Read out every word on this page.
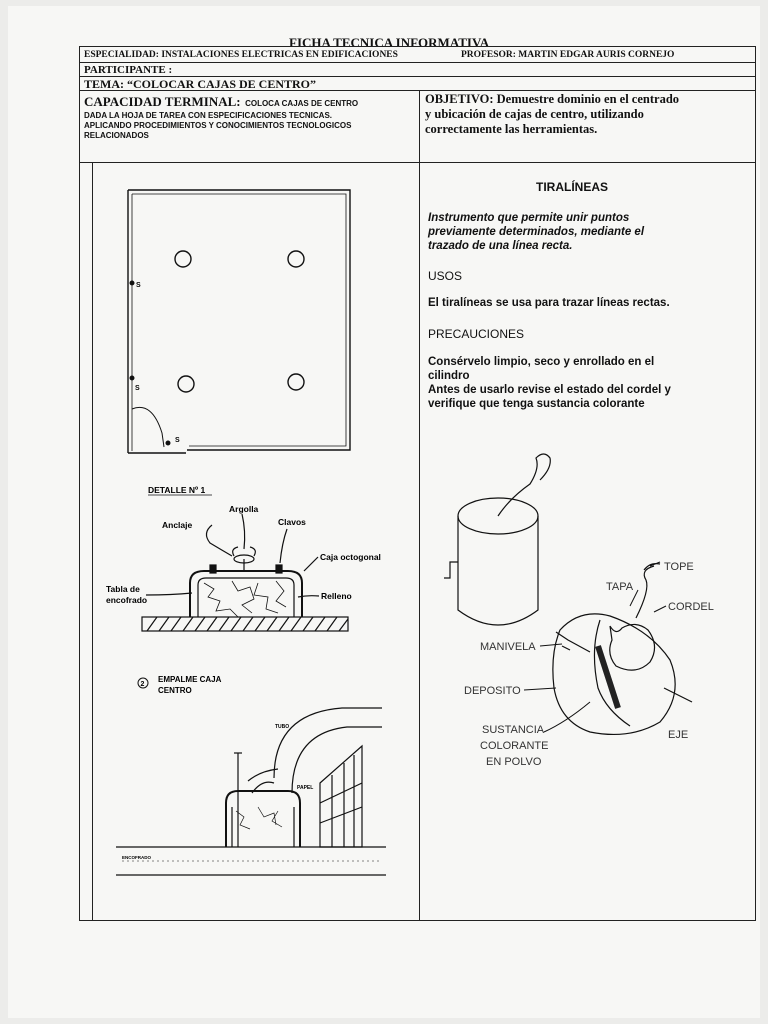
FICHA TECNICA INFORMATIVA
ESPECIALIDAD: INSTALACIONES ELECTRICAS EN EDIFICACIONES	PROFESOR: MARTIN EDGAR AURIS CORNEJO
PARTICIPANTE :
TEMA: “COLOCAR CAJAS DE CENTRO”
CAPACIDAD TERMINAL: COLOCA CAJAS DE CENTRO
DADA LA HOJA DE TAREA CON ESPECIFICACIONES TECNICAS.
APLICANDO PROCEDIMIENTOS Y CONOCIMIENTOS TECNOLOGICOS
RELACIONADOS
OBJETIVO: Demuestre dominio en el centrado
y ubicación de cajas de centro, utilizando
correctamente las herramientas.
S
S
S
DETALLE Nº 1
Argolla
Anclaje	Clavos
Caja octogonal
Tabla de
encofrado	Relleno
2
EMPALME CAJA
CENTRO
TUBO
PAPEL
ENCOFRADO
TIRALÍNEAS
Instrumento que permite unir puntos
previamente determinados, mediante el
trazado de una línea recta.
USOS
El tiralíneas se usa para trazar líneas rectas.
PRECAUCIONES
Consérvelo limpio, seco y enrollado en el
cilindro
Antes de usarlo revise el estado del cordel y
verifique que tenga sustancia colorante
TOPE
TAPA
CORDEL
MANIVELA
DEPOSITO
EJE
SUSTANCIA
COLORANTE
EN POLVO
